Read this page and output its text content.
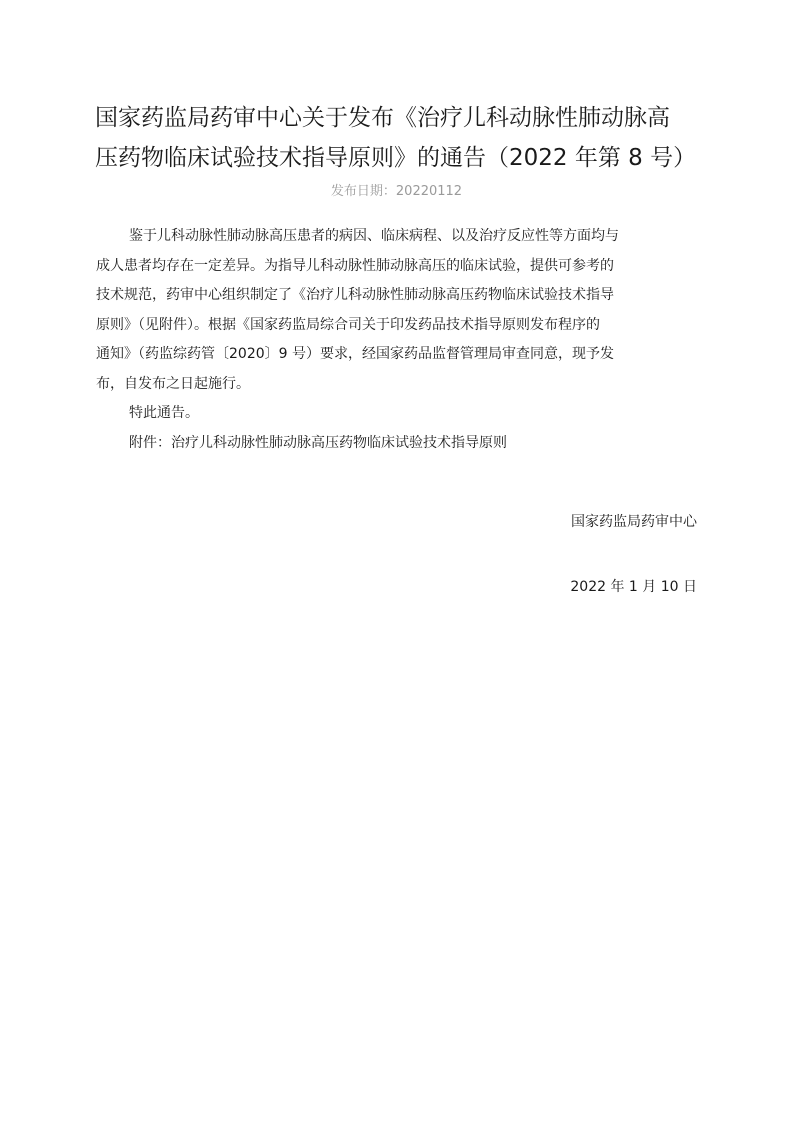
国家药监局药审中心关于发布《治疗儿科动脉性肺动脉高
压药物临床试验技术指导原则》的通告（2022 年第 8 号）
发布日期：20220112
鉴于儿科动脉性肺动脉高压患者的病因、临床病程、以及治疗反应性等方面均与
成人患者均存在一定差异。为指导儿科动脉性肺动脉高压的临床试验，提供可参考的
技术规范，药审中心组织制定了《治疗儿科动脉性肺动脉高压药物临床试验技术指导
原则》（见附件）。根据《国家药监局综合司关于印发药品技术指导原则发布程序的
通知》（药监综药管〔2020〕9 号）要求，经国家药品监督管理局审查同意，现予发
布，自发布之日起施行。
特此通告。
附件：治疗儿科动脉性肺动脉高压药物临床试验技术指导原则
国家药监局药审中心
2022 年 1 月 10 日
